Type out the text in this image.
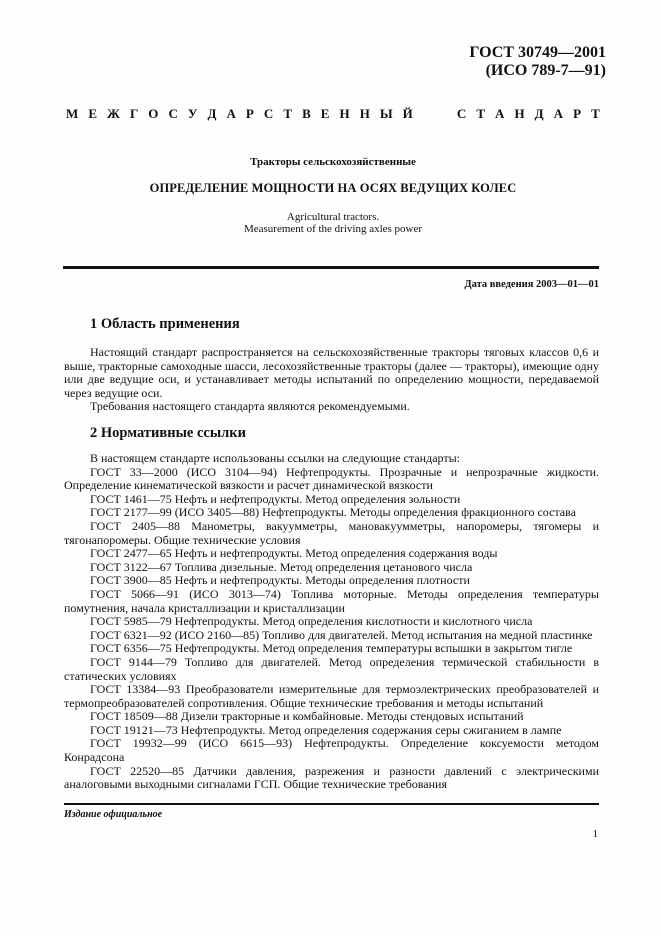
ГОСТ 30749—2001
(ИСО 789-7—91)
М Е Ж Г О С У Д А Р С Т В Е Н Н Ы Й	С Т А Н Д А Р Т
Тракторы сельскохозяйственные
ОПРЕДЕЛЕНИЕ МОЩНОСТИ НА ОСЯХ ВЕДУЩИХ КОЛЕС
Agricultural tractors.
Measurement of the driving axles power
Дата введения 2003—01—01
1 Область применения

Настоящий стандарт распространяется на сельскохозяйственные тракторы тяговых классов 0,6 и выше, тракторные самоходные шасси, лесохозяйственные тракторы (далее — тракторы), имеющие одну или две ведущие оси, и устанавливает методы испытаний по определению мощности, передаваемой через ведущие оси.

Требования настоящего стандарта являются рекомендуемыми.

2 Нормативные ссылки

В настоящем стандарте использованы ссылки на следующие стандарты:

ГОСТ 33—2000 (ИСО 3104—94) Нефтепродукты. Прозрачные и непрозрачные жидкости. Определение кинематической вязкости и расчет динамической вязкости

ГОСТ 1461—75 Нефть и нефтепродукты. Метод определения зольности

ГОСТ 2177—99 (ИСО 3405—88) Нефтепродукты. Методы определения фракционного состава

ГОСТ 2405—88 Манометры, вакуумметры, мановакуумметры, напоромеры, тягомеры и тягонапоромеры. Общие технические условия

ГОСТ 2477—65 Нефть и нефтепродукты. Метод определения содержания воды

ГОСТ 3122—67 Топлива дизельные. Метод определения цетанового числа

ГОСТ 3900—85 Нефть и нефтепродукты. Методы определения плотности

ГОСТ 5066—91 (ИСО 3013—74) Топлива моторные. Методы определения температуры помутнения, начала кристаллизации и кристаллизации

ГОСТ 5985—79 Нефтепродукты. Метод определения кислотности и кислотного числа

ГОСТ 6321—92 (ИСО 2160—85) Топливо для двигателей. Метод испытания на медной пластинке

ГОСТ 6356—75 Нефтепродукты. Метод определения температуры вспышки в закрытом тигле

ГОСТ 9144—79 Топливо для двигателей. Метод определения термической стабильности в статических условиях

ГОСТ 13384—93 Преобразователи измерительные для термоэлектрических преобразователей и термопреобразователей сопротивления. Общие технические требования и методы испытаний

ГОСТ 18509—88 Дизели тракторные и комбайновые. Методы стендовых испытаний

ГОСТ 19121—73 Нефтепродукты. Метод определения содержания серы сжиганием в лампе

ГОСТ 19932—99 (ИСО 6615—93) Нефтепродукты. Определение коксуемости методом Конрадсона

ГОСТ 22520—85 Датчики давления, разрежения и разности давлений с электрическими аналоговыми выходными сигналами ГСП. Общие технические требования

Издание официальное
1
